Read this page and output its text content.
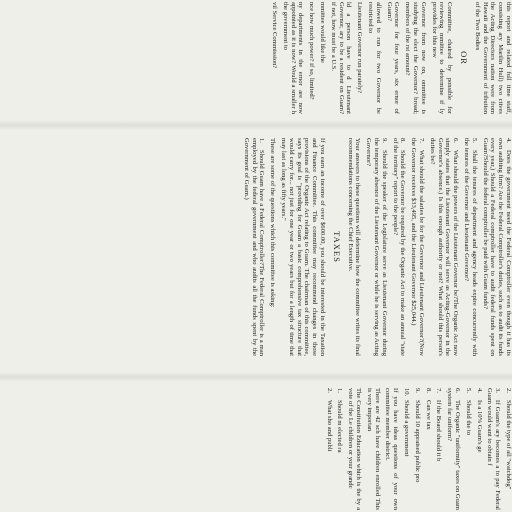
this report and related full time staff, consisting ary Marilin Hull) two ctives the Acting Directors nation were from Hawaii and the Government of tribution of the Two Bodies

OR

Committee, chaired by ponsible for reviewing mmittee to determine if ly provides for this new

Governor from now on, ommittee is studying the elect the Governor? broad; members of the rst amount?

Governor for four years, six ernor of Guam?

allowed to run for two Governor be restricted to

Lieutenant Governor run parately?

ld a person have to d Lieutenant Governor, ary to be a resident on Guam? if not, how must be a U.S.

mmittee would like the

nce how much power? if so, limited?

ny departments in the ernor are now appointed as it is now? Would a smaller h the government to

vil Service Commission?

4.Does the government need the Federal Comptroller even though it has its own auditing firm? Are the Federal Comptroller's duties, such as to audit its funds every year,) Should a Federal comptroller have to audit federal funds spent on Guam?Should the federal comptroller be paid with Guam funds?

5.Shall the tenures of department and agency heads expire concurrently with the tenures of the Governor and Lieutenant Governor?

6.What should the powers of the Lieutenant Governor be?The Organic Act now simply states that the Lieutenant Governor will serve as Acting-Governor in the Governor's absence.) Is this enough authority or not? What should this person's duties be?

7.What should the salaries be for the Governor and Lieutenant Governor?(Now the Governor receives $33,495, and the Lieutenant Governor $25,044.)

8.Should the Governor be required by the Organic Act to make an annual "state of the territory" report to the people?

9.Should the speaker of the Legislature serve as Lieutenant Governor during the temporary absence of the Lieutenant Governor or while he is serving as Acting Governor?

Your answers to these questions will determine how the committee writes its final recommendations concerning the Chief Executive.

TAXES

If you earn an income of over $600.00, you should be interested in the Taxation and Finance Committee. This committee may recommend changes in those provisions of the Organic Act relating to Guam. The chairman of this committee, says its goal is "providing for Guam a basic comprehensive tax structure that would carry for... not just for one year or two years but for a length of time that may last as long as fifty years."

These are some of the questions which this committee is asking:

1.Should Guam have a Federal Comptroller?The Federal Comptroller is a man employed by the federal government and who audits all the funds spent by the Government of Guam.)

2.Should the type of all "watchdog"

3.If Guam's ary becomes a to pay Federal Guam would want to obtain f

4.Is a 10% Guam's ge

5.Should the to

6.The Organic "uniformity" taxes on Guam system far uniform?

7.If the Board should it b

8.Can we tax

9.Should 10 appraised public pro

10.Should a government

If you have ideas questions of your own committee member district.

There are 42 sch have children enrolled This is very importan

The Constitution Education which is the by a vote of the Le children or your grandc

1.Should m elected ra

2.What sho and publi
